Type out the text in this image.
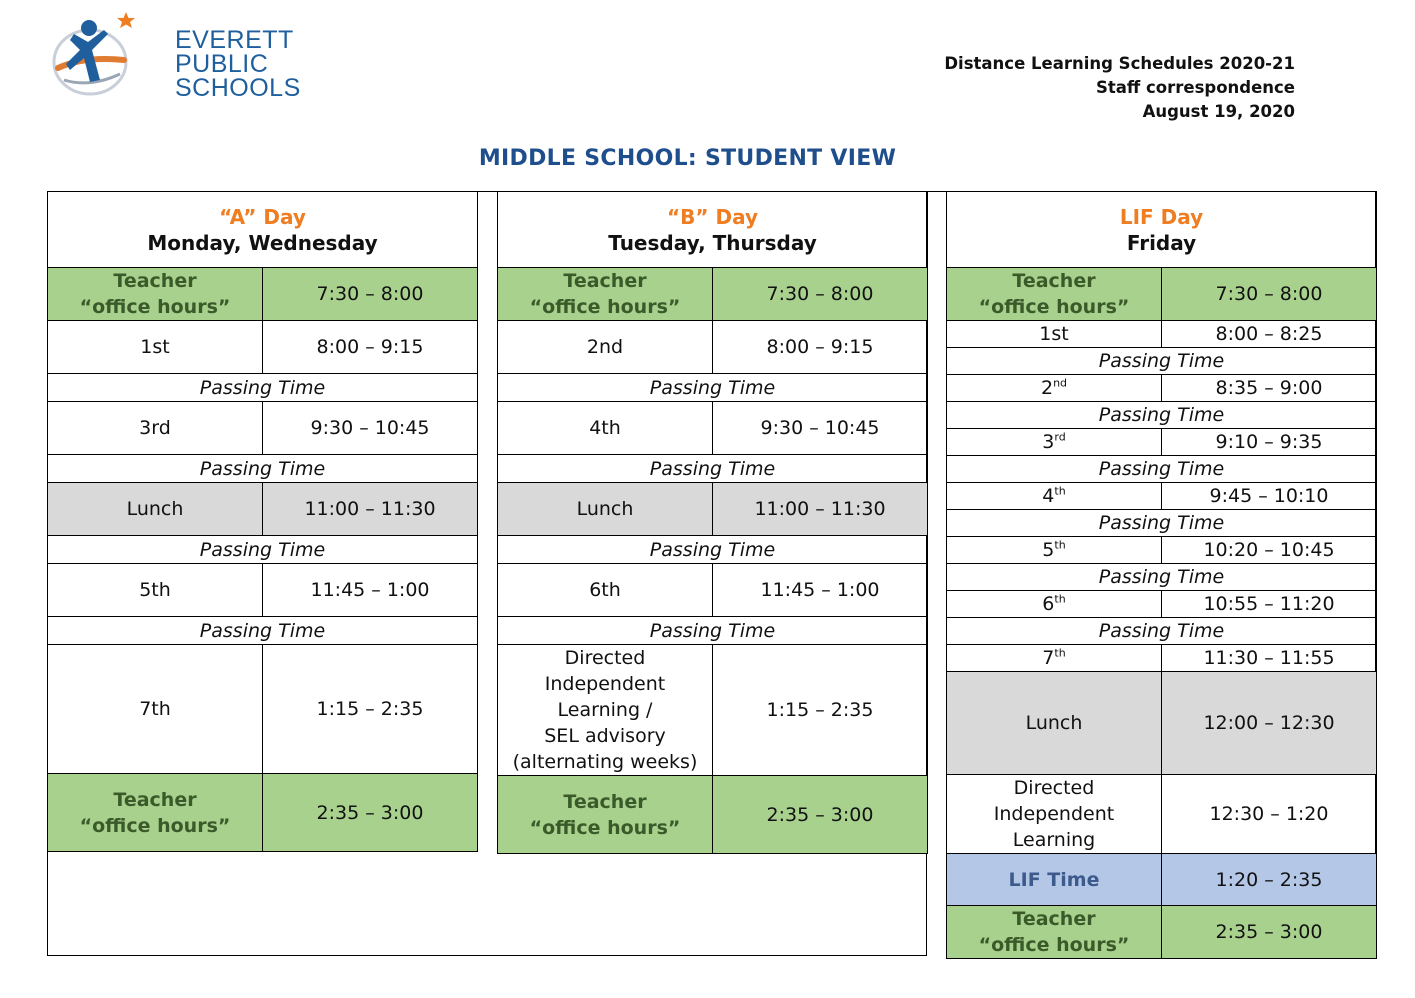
EVERETT
PUBLIC
SCHOOLS
Distance Learning Schedules 2020-21
Staff correspondence
August 19, 2020
MIDDLE SCHOOL: STUDENT VIEW
“A” Day
Monday, Wednesday	

Teacher
“office hours”	7:30 – 8:00
1st	8:00 – 9:15
Passing Time	
3rd	9:30 – 10:45
Passing Time	
Lunch	11:00 – 11:30
Passing Time	
5th	11:45 – 1:00
Passing Time	
7th	1:15 – 2:35

Teacher
“office hours”	2:35 – 3:00
“B” Day
Tuesday, Thursday	

Teacher
“office hours”	7:30 – 8:00
2nd	8:00 – 9:15
Passing Time	
4th	9:30 – 10:45
Passing Time	
Lunch	11:00 – 11:30
Passing Time	
6th	11:45 – 1:00
Passing Time	

Directed
Independent
Learning /
SEL advisory
(alternating weeks)	1:15 – 2:35

Teacher
“office hours”	2:35 – 3:00
LIF Day
Friday	

Teacher
“office hours”	7:30 – 8:00
1st	8:00 – 8:25
Passing Time	
2nd	8:35 – 9:00
Passing Time	
3rd	9:10 – 9:35
Passing Time	
4th	9:45 – 10:10
Passing Time	
5th	10:20 – 10:45
Passing Time	
6th	10:55 – 11:20
Passing Time	
7th	11:30 – 11:55
Lunch	12:00 – 12:30

Directed
Independent
Learning	12:30 – 1:20
LIF Time	1:20 – 2:35

Teacher
“office hours”	2:35 – 3:00
